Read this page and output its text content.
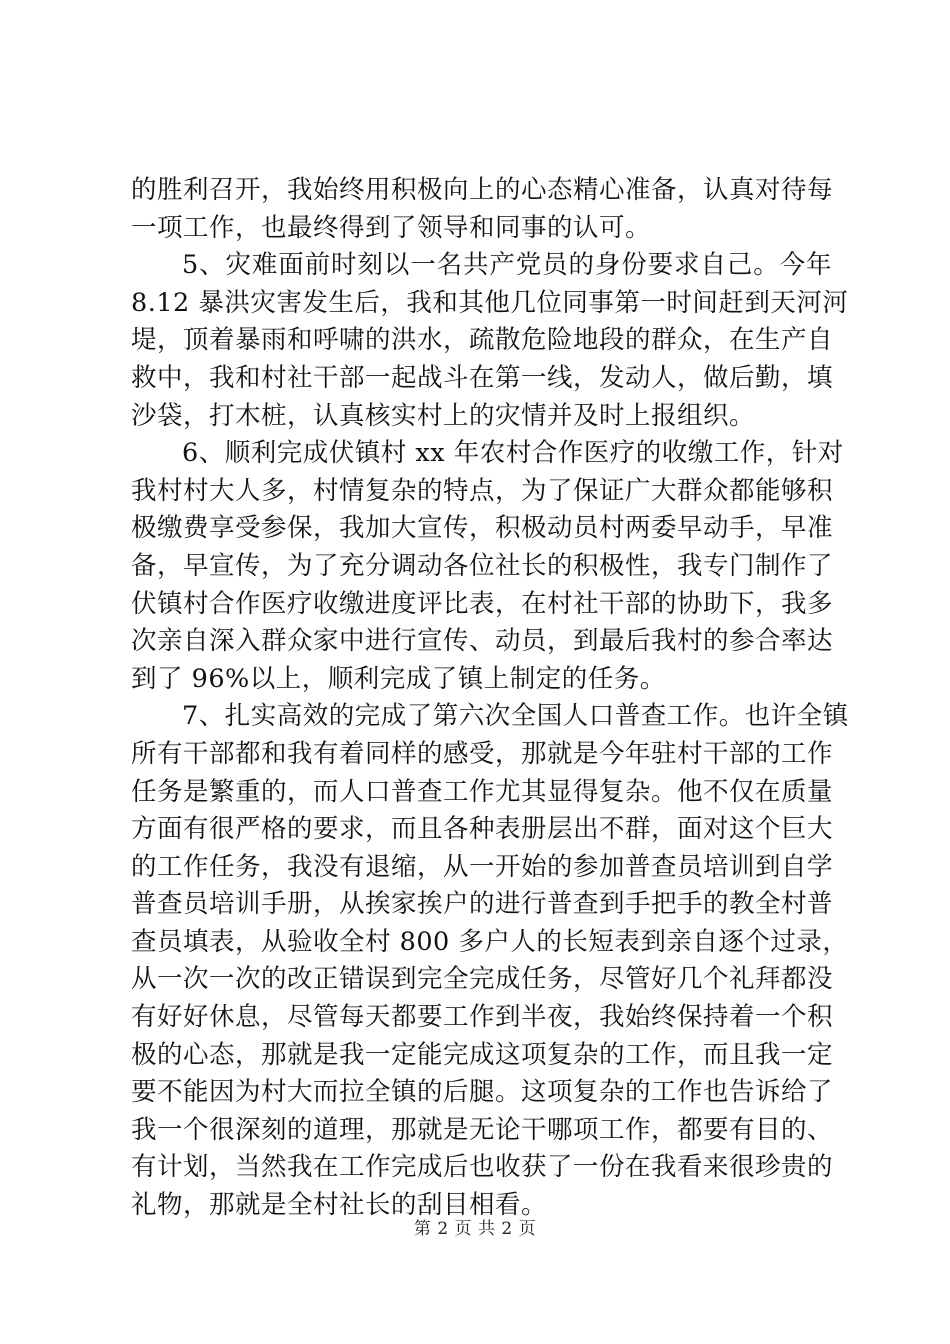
的胜利召开，我始终用积极向上的心态精心准备，认真对待每
一项工作，也最终得到了领导和同事的认可。
5、灾难面前时刻以一名共产党员的身份要求自己。今年
8.12 暴洪灾害发生后，我和其他几位同事第一时间赶到天河河
堤，顶着暴雨和呼啸的洪水，疏散危险地段的群众，在生产自
救中，我和村社干部一起战斗在第一线，发动人，做后勤，填
沙袋，打木桩，认真核实村上的灾情并及时上报组织。
6、顺利完成伏镇村 xx 年农村合作医疗的收缴工作，针对
我村村大人多，村情复杂的特点，为了保证广大群众都能够积
极缴费享受参保，我加大宣传，积极动员村两委早动手，早准
备，早宣传，为了充分调动各位社长的积极性，我专门制作了
伏镇村合作医疗收缴进度评比表，在村社干部的协助下，我多
次亲自深入群众家中进行宣传、动员，到最后我村的参合率达
到了 96%以上，顺利完成了镇上制定的任务。
7、扎实高效的完成了第六次全国人口普查工作。也许全镇
所有干部都和我有着同样的感受，那就是今年驻村干部的工作
任务是繁重的，而人口普查工作尤其显得复杂。他不仅在质量
方面有很严格的要求，而且各种表册层出不群，面对这个巨大
的工作任务，我没有退缩，从一开始的参加普查员培训到自学
普查员培训手册，从挨家挨户的进行普查到手把手的教全村普
查员填表，从验收全村 800 多户人的长短表到亲自逐个过录，
从一次一次的改正错误到完全完成任务，尽管好几个礼拜都没
有好好休息，尽管每天都要工作到半夜，我始终保持着一个积
极的心态，那就是我一定能完成这项复杂的工作，而且我一定
要不能因为村大而拉全镇的后腿。这项复杂的工作也告诉给了
我一个很深刻的道理，那就是无论干哪项工作，都要有目的、
有计划，当然我在工作完成后也收获了一份在我看来很珍贵的
礼物，那就是全村社长的刮目相看。
第 2 页 共 2 页
